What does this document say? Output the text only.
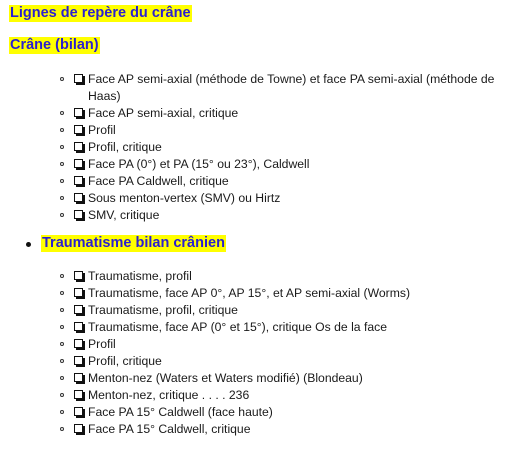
Lignes de repère du crâne
Crâne (bilan)
Face AP semi-axial (méthode de Towne) et face PA semi-axial (méthode de Haas)
Face AP semi-axial, critique
Profil
Profil, critique
Face PA (0°) et PA (15° ou 23°), Caldwell
Face PA Caldwell, critique
Sous menton-vertex (SMV) ou Hirtz
SMV, critique
Traumatisme bilan crânien
Traumatisme, profil
Traumatisme, face AP 0°, AP 15°, et AP semi-axial (Worms)
Traumatisme, profil, critique
Traumatisme, face AP (0° et 15°), critique Os de la face
Profil
Profil, critique
Menton-nez (Waters et Waters modifié) (Blondeau)
Menton-nez, critique . . . . 236
Face PA 15° Caldwell (face haute)
Face PA 15° Caldwell, critique
